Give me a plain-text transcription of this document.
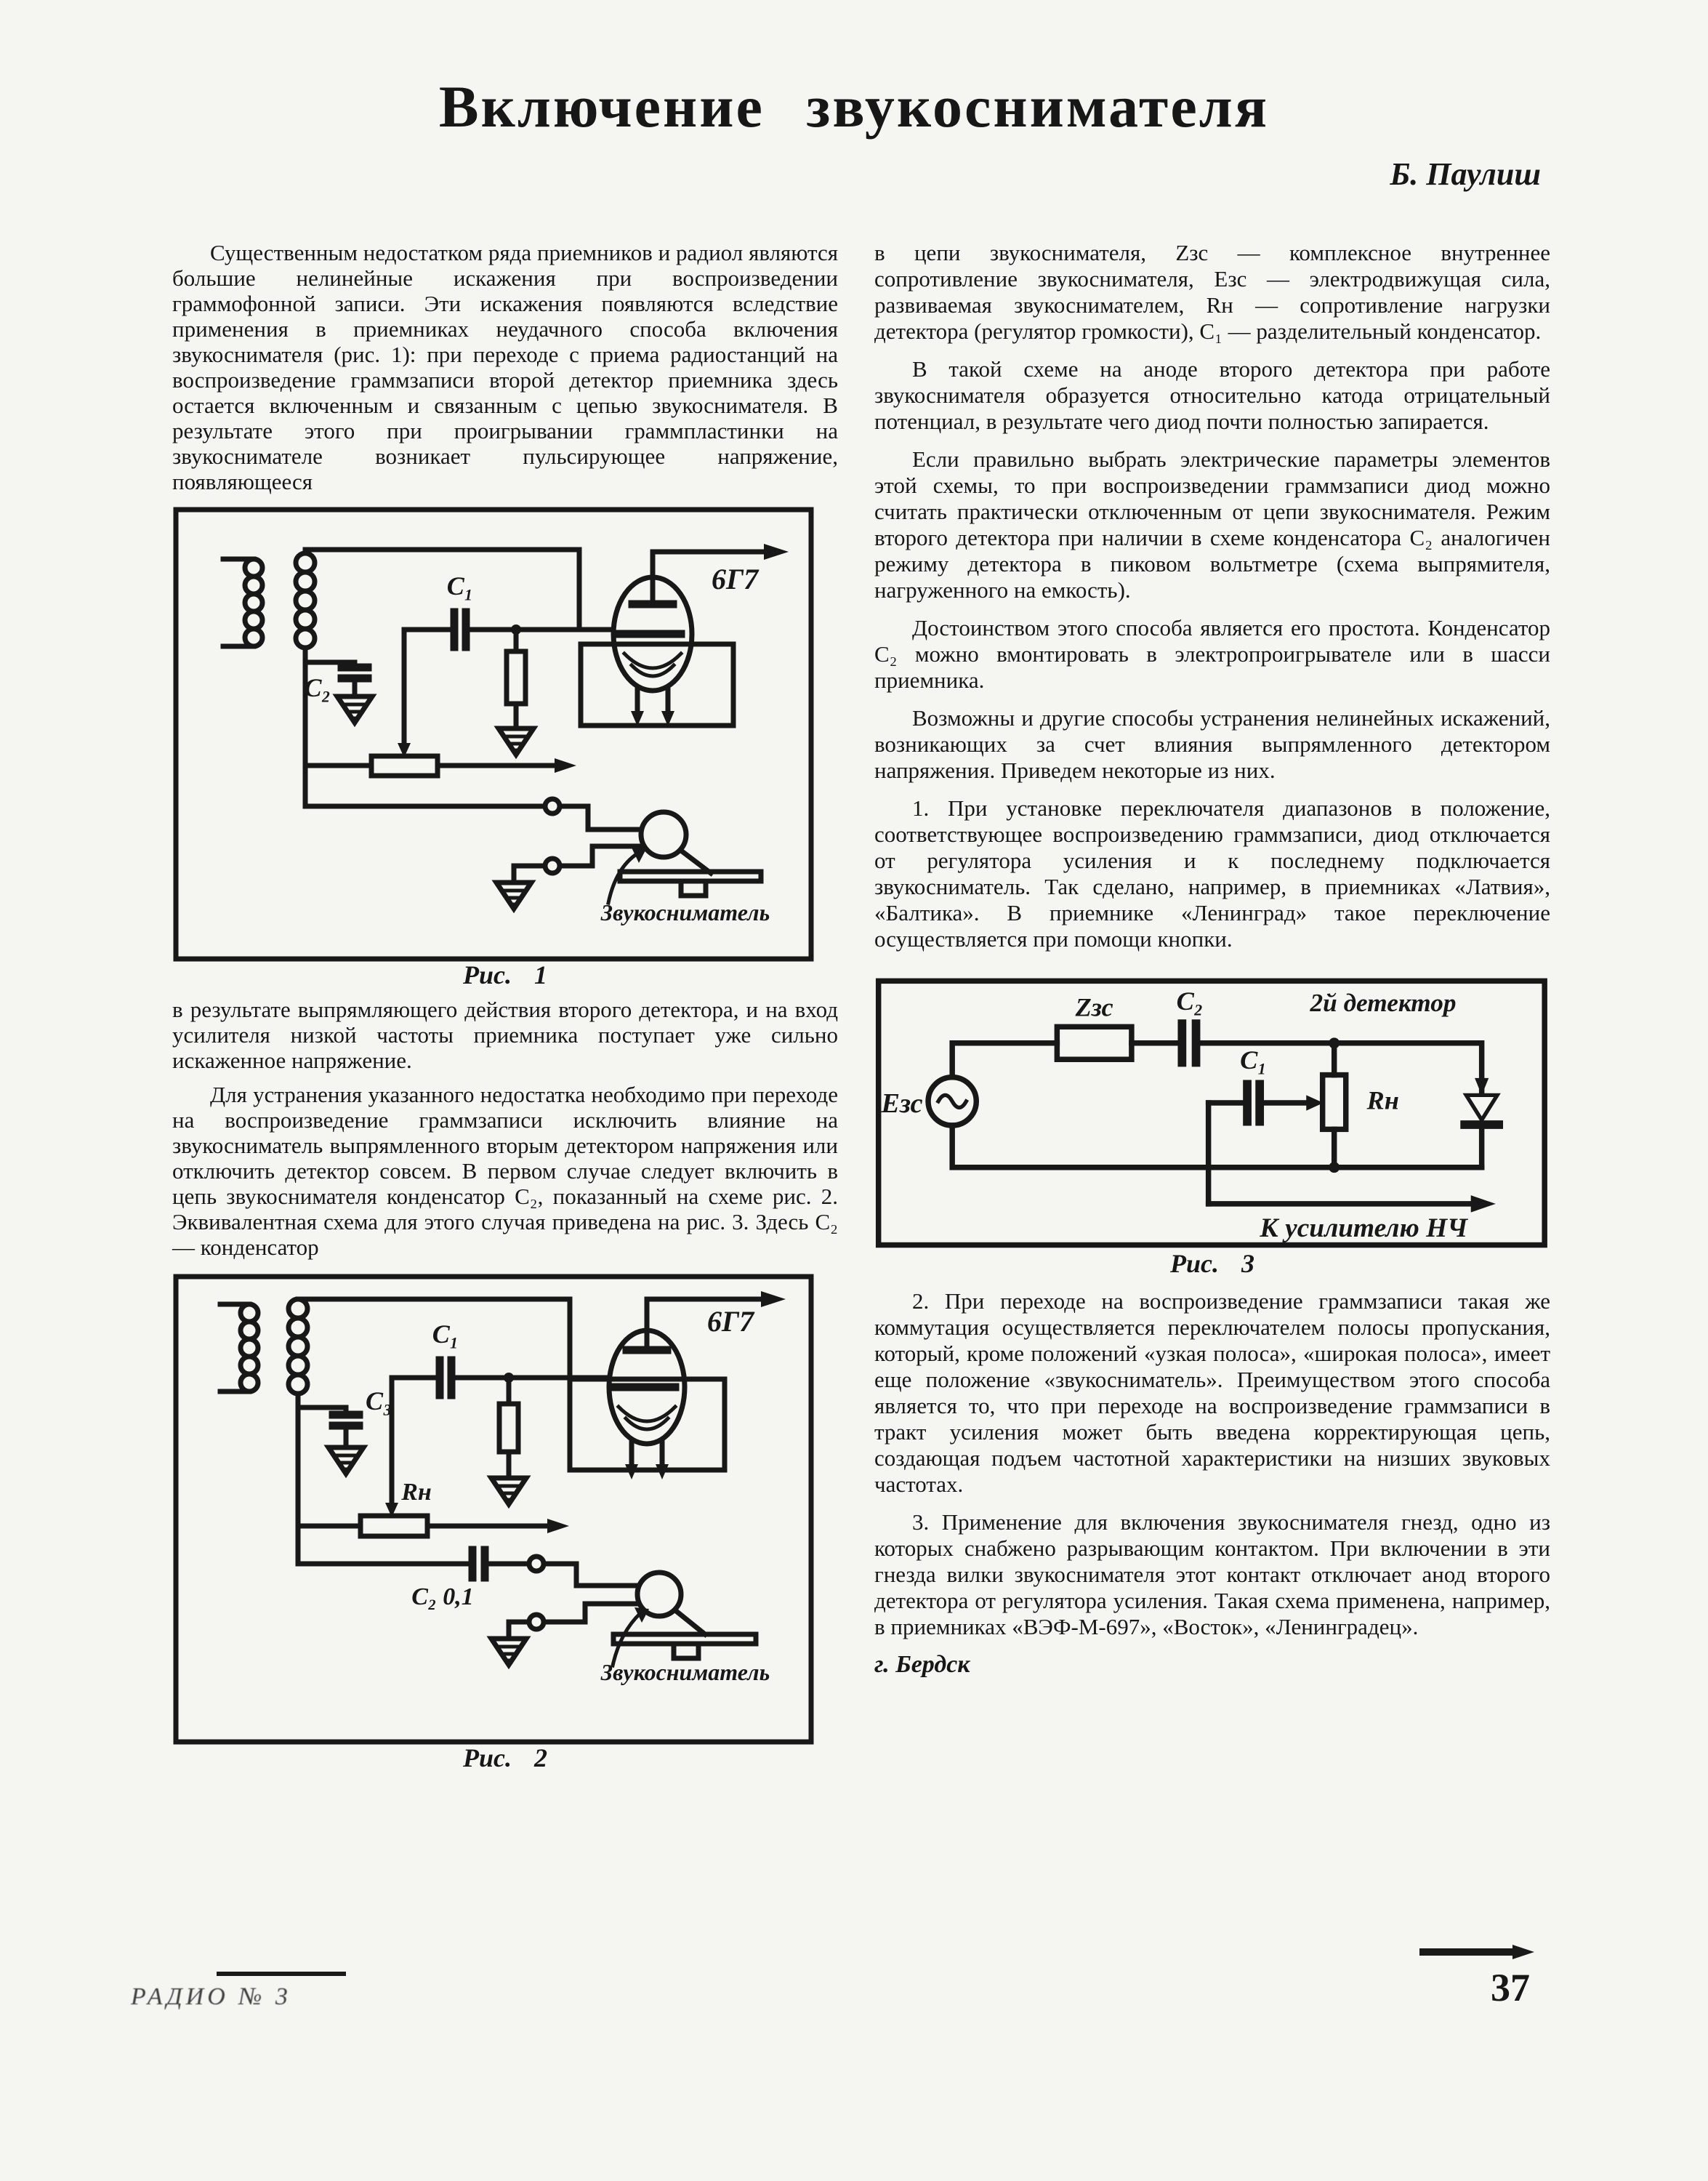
Включение звукоснимателя
Б. Паулиш

Существенным недостатком ряда приемников и радиол являются большие нелинейные искажения при воспроизведении граммофонной записи. Эти искажения появляются вследствие применения в приемниках неудачного способа включения звукоснимателя (рис. 1): при переходе с приема радиостанций на воспроизведение граммзаписи второй детектор приемника здесь остается включенным и связанным с цепью звукоснимателя. В результате этого при проигрывании граммпластинки на звукоснимателе возникает пульсирующее напряжение, появляющееся

C₁
C₂
6Г7
Звукосниматель

Рис. 1

в результате выпрямляющего действия второго детектора, и на вход усилителя низкой частоты приемника поступает уже сильно искаженное напряжение.

Для устранения указанного недостатка необходимо при переходе на воспроизведение граммзаписи исключить влияние на звукосниматель выпрямленного вторым детектором напряжения или отключить детектор совсем. В первом случае следует включить в цепь звукоснимателя конденсатор C₂, показанный на схеме рис. 2. Эквивалентная схема для этого случая приведена на рис. 3. Здесь C₂ — конденсатор

C₁
C₃
Rн
C₂ 0,1
6Г7
Звукосниматель

Рис. 2

в цепи звукоснимателя, Zзс — комплексное внутреннее сопротивление звукоснимателя, Eзс — электродвижущая сила, развиваемая звукоснимателем, Rн — сопротивление нагрузки детектора (регулятор громкости), C₁ — разделительный конденсатор.

В такой схеме на аноде второго детектора при работе звукоснимателя образуется относительно катода отрицательный потенциал, в результате чего диод почти полностью запирается.

Если правильно выбрать электрические параметры элементов этой схемы, то при воспроизведении граммзаписи диод можно считать практически отключенным от цепи звукоснимателя. Режим второго детектора при наличии в схеме конденсатора C₂ аналогичен режиму детектора в пиковом вольтметре (схема выпрямителя, нагруженного на емкость).

Достоинством этого способа является его простота. Конденсатор C₂ можно вмонтировать в электропроигрывателе или в шасси приемника.

Возможны и другие способы устранения нелинейных искажений, возникающих за счет влияния выпрямленного детектором напряжения. Приведем некоторые из них.

1. При установке переключателя диапазонов в положение, соответствующее воспроизведению граммзаписи, диод отключается от регулятора усиления и к последнему подключается звукосниматель. Так сделано, например, в приемниках «Латвия», «Балтика». В приемнике «Ленинград» такое переключение осуществляется при помощи кнопки.

Eзс
Zзс	C₂
C₁
Rн
2й детектор
К усилителю НЧ

Рис. 3

2. При переходе на воспроизведение граммзаписи такая же коммутация осуществляется переключателем полосы пропускания, который, кроме положений «узкая полоса», «широкая полоса», имеет еще положение «звукосниматель». Преимуществом этого способа является то, что при переходе на воспроизведение граммзаписи в тракт усиления может быть введена корректирующая цепь, создающая подъем частотной характеристики на низших звуковых частотах.

3. Применение для включения звукоснимателя гнезд, одно из которых снабжено разрывающим контактом. При включении в эти гнезда вилки звукоснимателя этот контакт отключает анод второго детектора от регулятора усиления. Такая схема применена, например, в приемниках «ВЭФ-М-697», «Восток», «Ленинградец».

г. Бердск

РАДИО № 3	37
